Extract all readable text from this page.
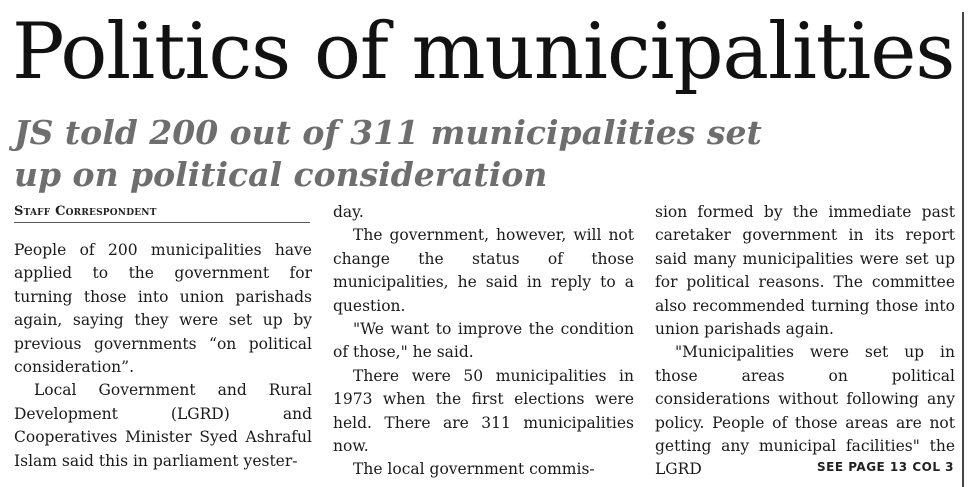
Politics of municipalities
JS told 200 out of 311 municipalities set up on political consideration
Staff Correspondent

People of 200 municipalities have applied to the government for turning those into union parishads again, saying they were set up by previous governments “on political consideration”.

Local Government and Rural Development (LGRD) and Cooperatives Minister Syed Ashraful Islam said this in parliament yester-

day.

The government, however, will not change the status of those municipalities, he said in reply to a question.

"We want to improve the condition of those," he said.

There were 50 municipalities in 1973 when the first elections were held. There are 311 municipalities now.

The local government commis-

sion formed by the immediate past caretaker government in its report said many municipalities were set up for political reasons. The committee also recommended turning those into union parishads again.

"Municipalities were set up in those areas on political considerations without following any policy. People of those areas are not getting any municipal facilities" the LGRD	SEE PAGE 13 COL 3
